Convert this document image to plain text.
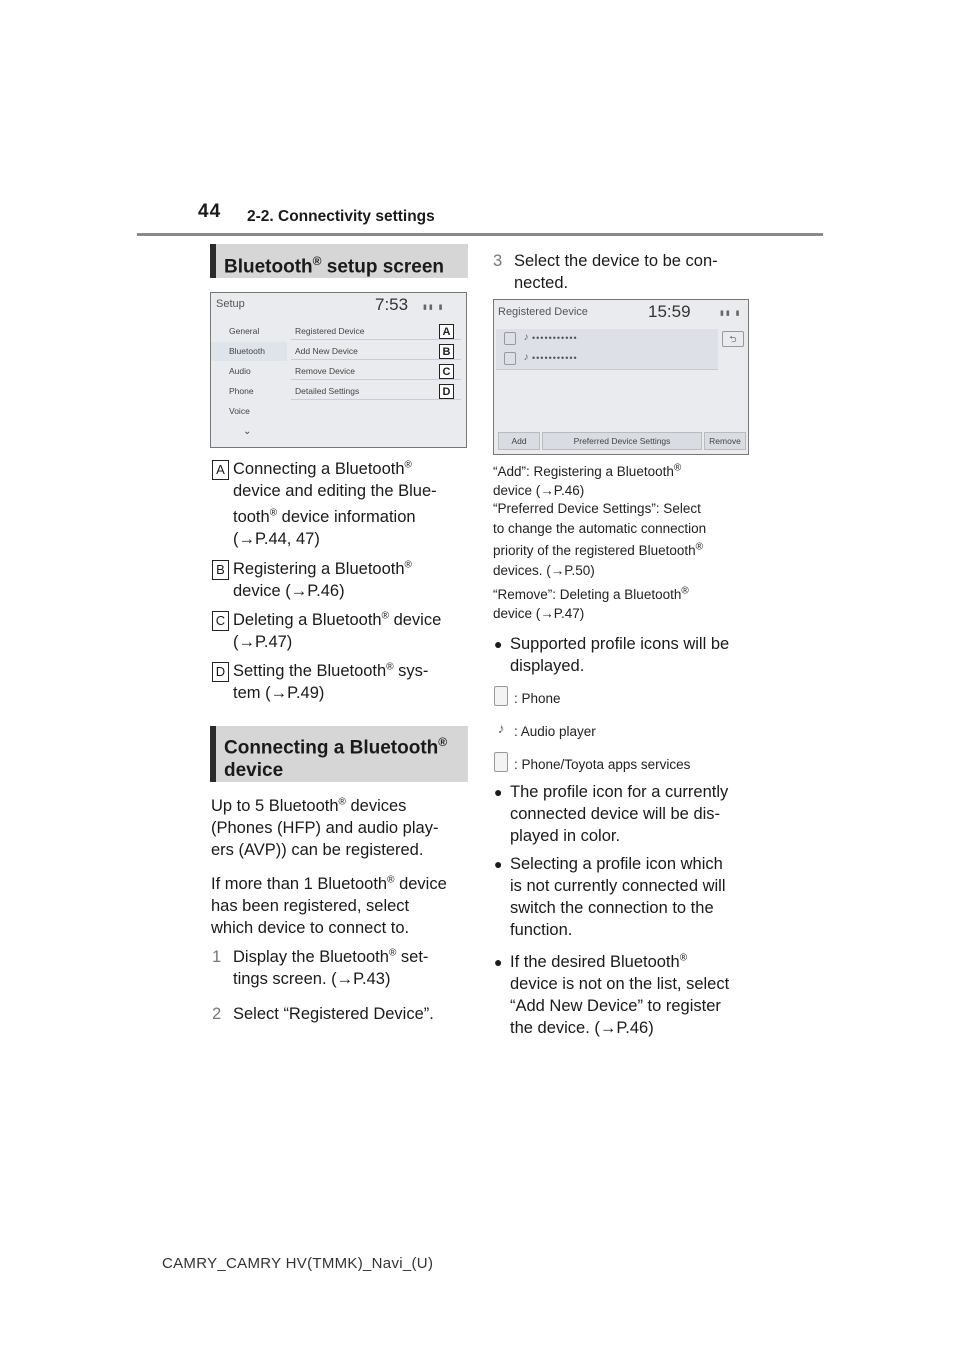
44 2-2. Connectivity settings
Bluetooth® setup screen
Setup	7:53 ▮▮ ▮
General
Bluetooth
Audio
Phone
Voice
⌄
Registered Device
Add New Device
Remove Device
Detailed Settings
A
B
C
D
A Connecting a Bluetooth®
device and editing the Blue-
tooth® device information
(→P.44, 47)
B Registering a Bluetooth®
device (→P.46)
C Deleting a Bluetooth® device
(→P.47)
D Setting the Bluetooth® sys-
tem (→P.49)
Connecting a Bluetooth®
device
Up to 5 Bluetooth® devices
(Phones (HFP) and audio play-
ers (AVP)) can be registered.
If more than 1 Bluetooth® device
has been registered, select
which device to connect to.
1 Display the Bluetooth® set-
tings screen. (→P.43)
2 Select “Registered Device”.
3 Select the device to be con-
nected.
Registered Device	15:59	▮▮ ▮
♪ •••••••••••
♪ •••••••••••
⮌
Add	Preferred Device Settings	Remove
“Add”: Registering a Bluetooth®
device (→P.46)
“Preferred Device Settings”: Select
to change the automatic connection
priority of the registered Bluetooth®
devices. (→P.50)
“Remove”: Deleting a Bluetooth®
device (→P.47)
● Supported profile icons will be
displayed.
: Phone
♪ : Audio player
: Phone/Toyota apps services
● The profile icon for a currently
connected device will be dis-
played in color.
● Selecting a profile icon which
is not currently connected will
switch the connection to the
function.
● If the desired Bluetooth®
device is not on the list, select
“Add New Device” to register
the device. (→P.46)
CAMRY_CAMRY HV(TMMK)_Navi_(U)
